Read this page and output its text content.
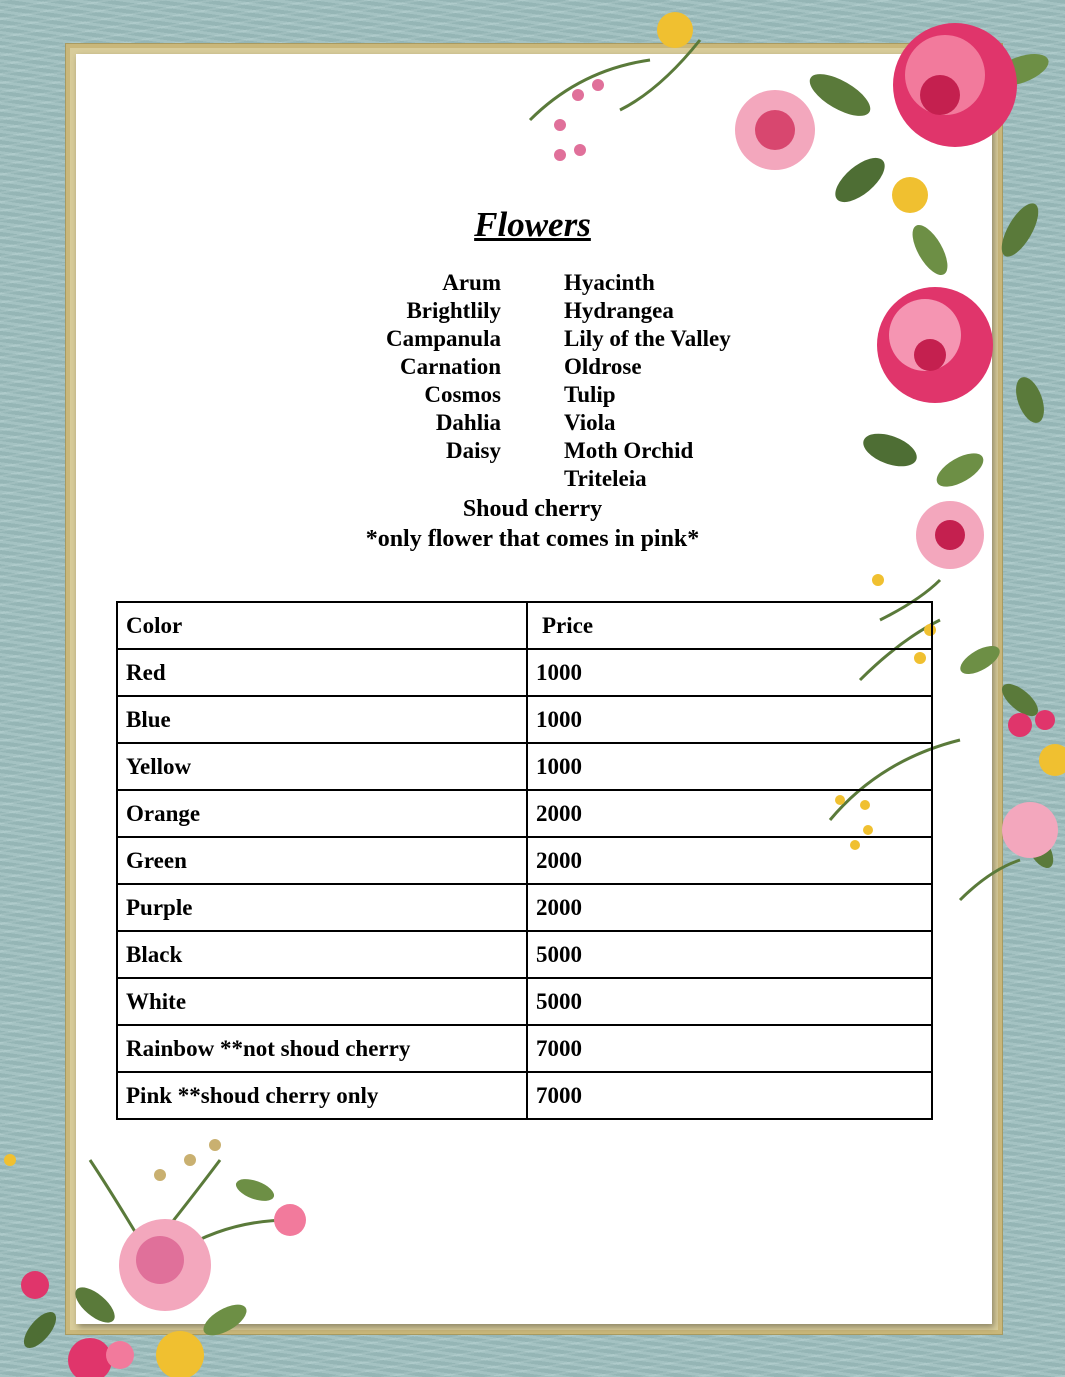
Flowers
Arum
Brightlily
Campanula
Carnation
Cosmos
Dahlia
Daisy
Hyacinth
Hydrangea
Lily of the Valley
Oldrose
Tulip
Viola
Moth Orchid
Triteleia
Shoud cherry
*only flower that comes in pink*
Color	Price
Red	1000
Blue	1000
Yellow	1000
Orange	2000
Green	2000
Purple	2000
Black	5000
White	5000
Rainbow **not shoud cherry	7000
Pink **shoud cherry only	7000
